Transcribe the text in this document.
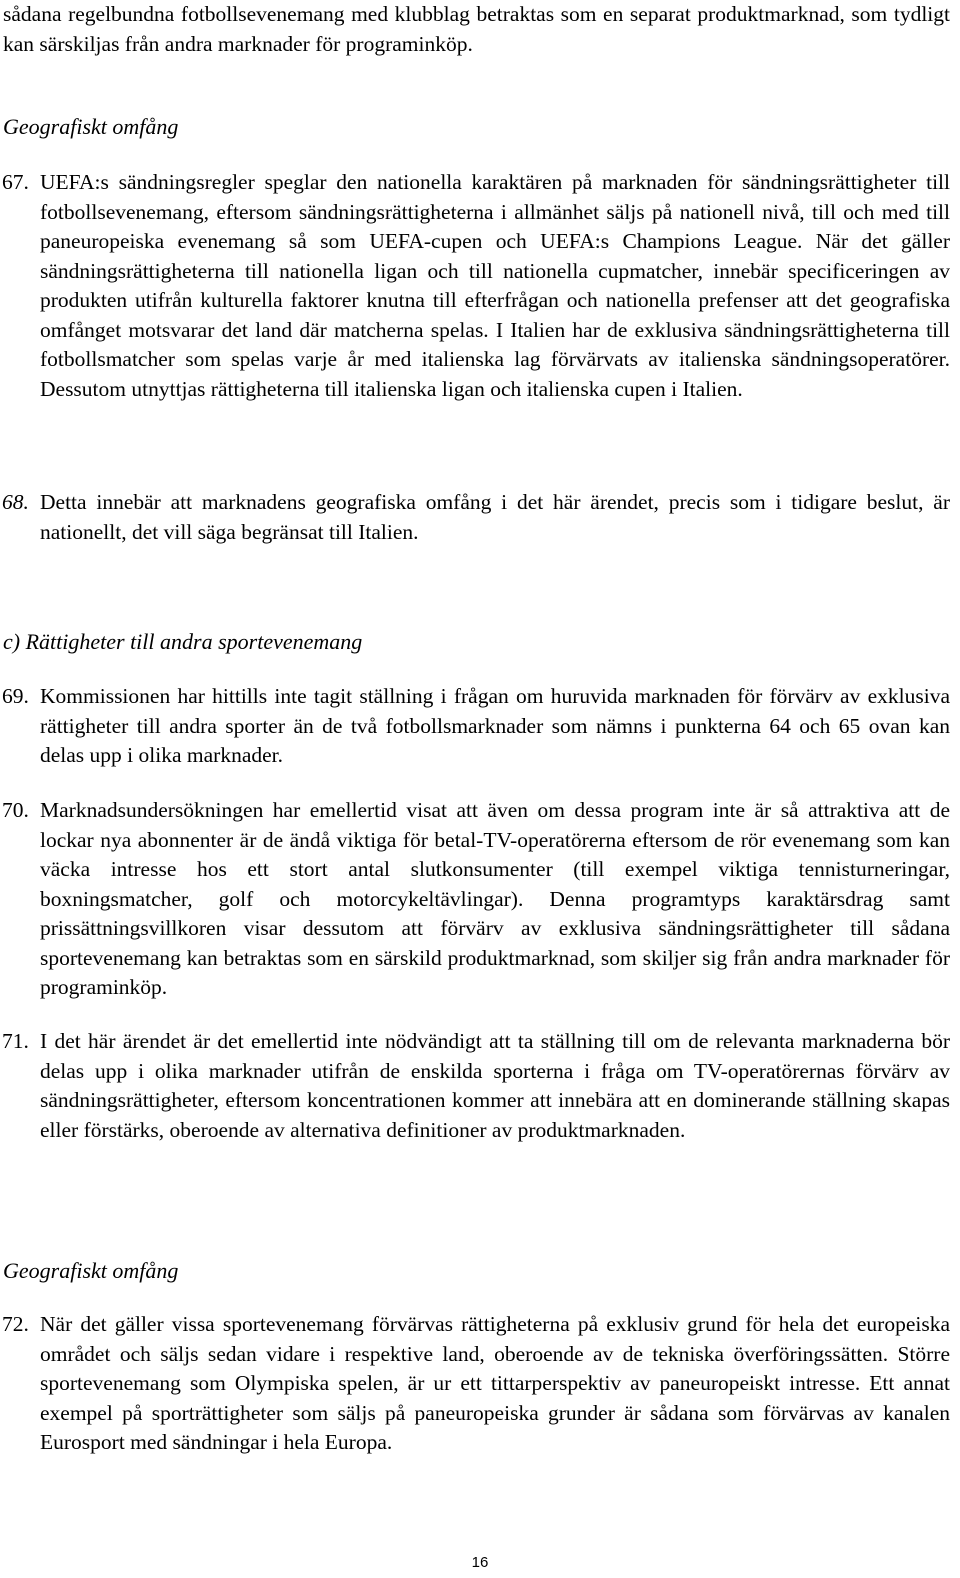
sådana regelbundna fotbollsevenemang med klubblag betraktas som en separat produktmarknad, som tydligt kan särskiljas från andra marknader för programinköp.
Geografiskt omfång
67. UEFA:s sändningsregler speglar den nationella karaktären på marknaden för sändningsrättigheter till fotbollsevenemang, eftersom sändningsrättigheterna i allmänhet säljs på nationell nivå, till och med till paneuropeiska evenemang så som UEFA-cupen och UEFA:s Champions League. När det gäller sändningsrättigheterna till nationella ligan och till nationella cupmatcher, innebär specificeringen av produkten utifrån kulturella faktorer knutna till efterfrågan och nationella prefenser att det geografiska omfånget motsvarar det land där matcherna spelas. I Italien har de exklusiva sändningsrättigheterna till fotbollsmatcher som spelas varje år med italienska lag förvärvats av italienska sändningsoperatörer. Dessutom utnyttjas rättigheterna till italienska ligan och italienska cupen i Italien.
68. Detta innebär att marknadens geografiska omfång i det här ärendet, precis som i tidigare beslut, är nationellt, det vill säga begränsat till Italien.
c) Rättigheter till andra sportevenemang
69. Kommissionen har hittills inte tagit ställning i frågan om huruvida marknaden för förvärv av exklusiva rättigheter till andra sporter än de två fotbollsmarknader som nämns i punkterna 64 och 65 ovan kan delas upp i olika marknader.
70. Marknadsundersökningen har emellertid visat att även om dessa program inte är så attraktiva att de lockar nya abonnenter är de ändå viktiga för betal-TV-operatörerna eftersom de rör evenemang som kan väcka intresse hos ett stort antal slutkonsumenter (till exempel viktiga tennisturneringar, boxningsmatcher, golf och motorcykeltävlingar). Denna programtyps karaktärsdrag samt prissättningsvillkoren visar dessutom att förvärv av exklusiva sändningsrättigheter till sådana sportevenemang kan betraktas som en särskild produktmarknad, som skiljer sig från andra marknader för programinköp.
71. I det här ärendet är det emellertid inte nödvändigt att ta ställning till om de relevanta marknaderna bör delas upp i olika marknader utifrån de enskilda sporterna i fråga om TV-operatörernas förvärv av sändningsrättigheter, eftersom koncentrationen kommer att innebära att en dominerande ställning skapas eller förstärks, oberoende av alternativa definitioner av produktmarknaden.
Geografiskt omfång
72. När det gäller vissa sportevenemang förvärvas rättigheterna på exklusiv grund för hela det europeiska området och säljs sedan vidare i respektive land, oberoende av de tekniska överföringssätten. Större sportevenemang som Olympiska spelen, är ur ett tittarperspektiv av paneuropeiskt intresse. Ett annat exempel på sporträttigheter som säljs på paneuropeiska grunder är sådana som förvärvas av kanalen Eurosport med sändningar i hela Europa.
16
